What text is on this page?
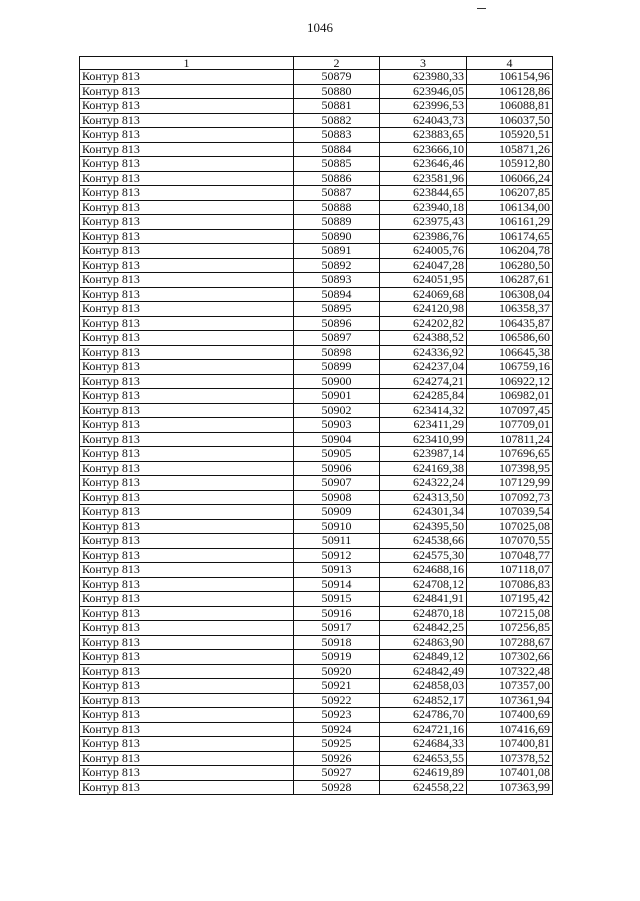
1046
1	2	3	4
Контур 813	50879	623980,33	106154,96
Контур 813	50880	623946,05	106128,86
Контур 813	50881	623996,53	106088,81
Контур 813	50882	624043,73	106037,50
Контур 813	50883	623883,65	105920,51
Контур 813	50884	623666,10	105871,26
Контур 813	50885	623646,46	105912,80
Контур 813	50886	623581,96	106066,24
Контур 813	50887	623844,65	106207,85
Контур 813	50888	623940,18	106134,00
Контур 813	50889	623975,43	106161,29
Контур 813	50890	623986,76	106174,65
Контур 813	50891	624005,76	106204,78
Контур 813	50892	624047,28	106280,50
Контур 813	50893	624051,95	106287,61
Контур 813	50894	624069,68	106308,04
Контур 813	50895	624120,98	106358,37
Контур 813	50896	624202,82	106435,87
Контур 813	50897	624388,52	106586,60
Контур 813	50898	624336,92	106645,38
Контур 813	50899	624237,04	106759,16
Контур 813	50900	624274,21	106922,12
Контур 813	50901	624285,84	106982,01
Контур 813	50902	623414,32	107097,45
Контур 813	50903	623411,29	107709,01
Контур 813	50904	623410,99	107811,24
Контур 813	50905	623987,14	107696,65
Контур 813	50906	624169,38	107398,95
Контур 813	50907	624322,24	107129,99
Контур 813	50908	624313,50	107092,73
Контур 813	50909	624301,34	107039,54
Контур 813	50910	624395,50	107025,08
Контур 813	50911	624538,66	107070,55
Контур 813	50912	624575,30	107048,77
Контур 813	50913	624688,16	107118,07
Контур 813	50914	624708,12	107086,83
Контур 813	50915	624841,91	107195,42
Контур 813	50916	624870,18	107215,08
Контур 813	50917	624842,25	107256,85
Контур 813	50918	624863,90	107288,67
Контур 813	50919	624849,12	107302,66
Контур 813	50920	624842,49	107322,48
Контур 813	50921	624858,03	107357,00
Контур 813	50922	624852,17	107361,94
Контур 813	50923	624786,70	107400,69
Контур 813	50924	624721,16	107416,69
Контур 813	50925	624684,33	107400,81
Контур 813	50926	624653,55	107378,52
Контур 813	50927	624619,89	107401,08
Контур 813	50928	624558,22	107363,99
